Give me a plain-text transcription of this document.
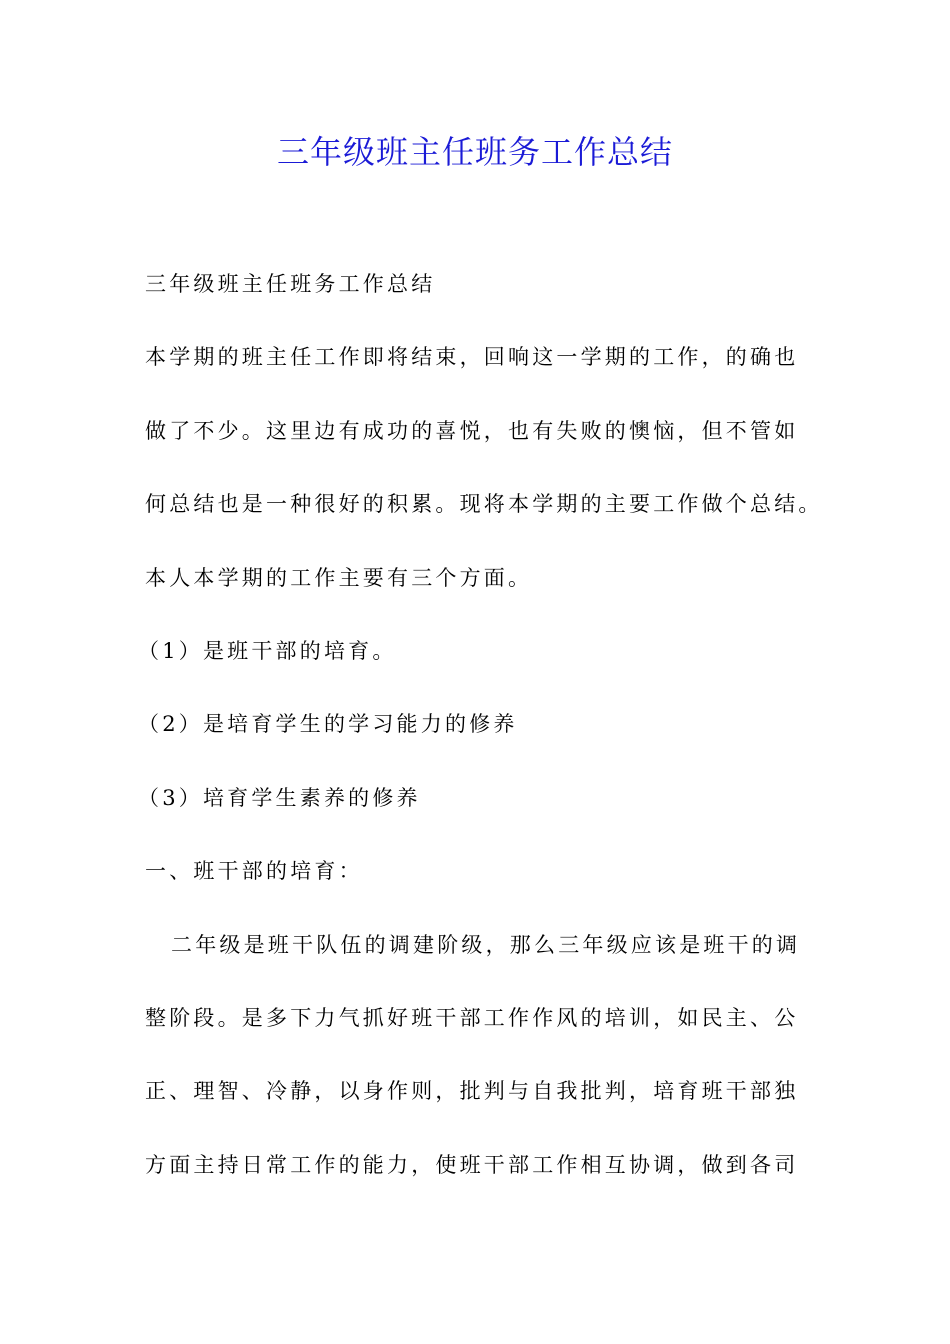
三年级班主任班务工作总结
三年级班主任班务工作总结
本学期的班主任工作即将结束，回响这一学期的工作，的确也
做了不少。这里边有成功的喜悦，也有失败的懊恼，但不管如
何总结也是一种很好的积累。现将本学期的主要工作做个总结。
本人本学期的工作主要有三个方面。
（1）是班干部的培育。
（2）是培育学生的学习能力的修养
（3）培育学生素养的修养
一、班干部的培育：
二年级是班干队伍的调建阶级，那么三年级应该是班干的调
整阶段。是多下力气抓好班干部工作作风的培训，如民主、公
正、理智、冷静，以身作则，批判与自我批判，培育班干部独
方面主持日常工作的能力，使班干部工作相互协调，做到各司
